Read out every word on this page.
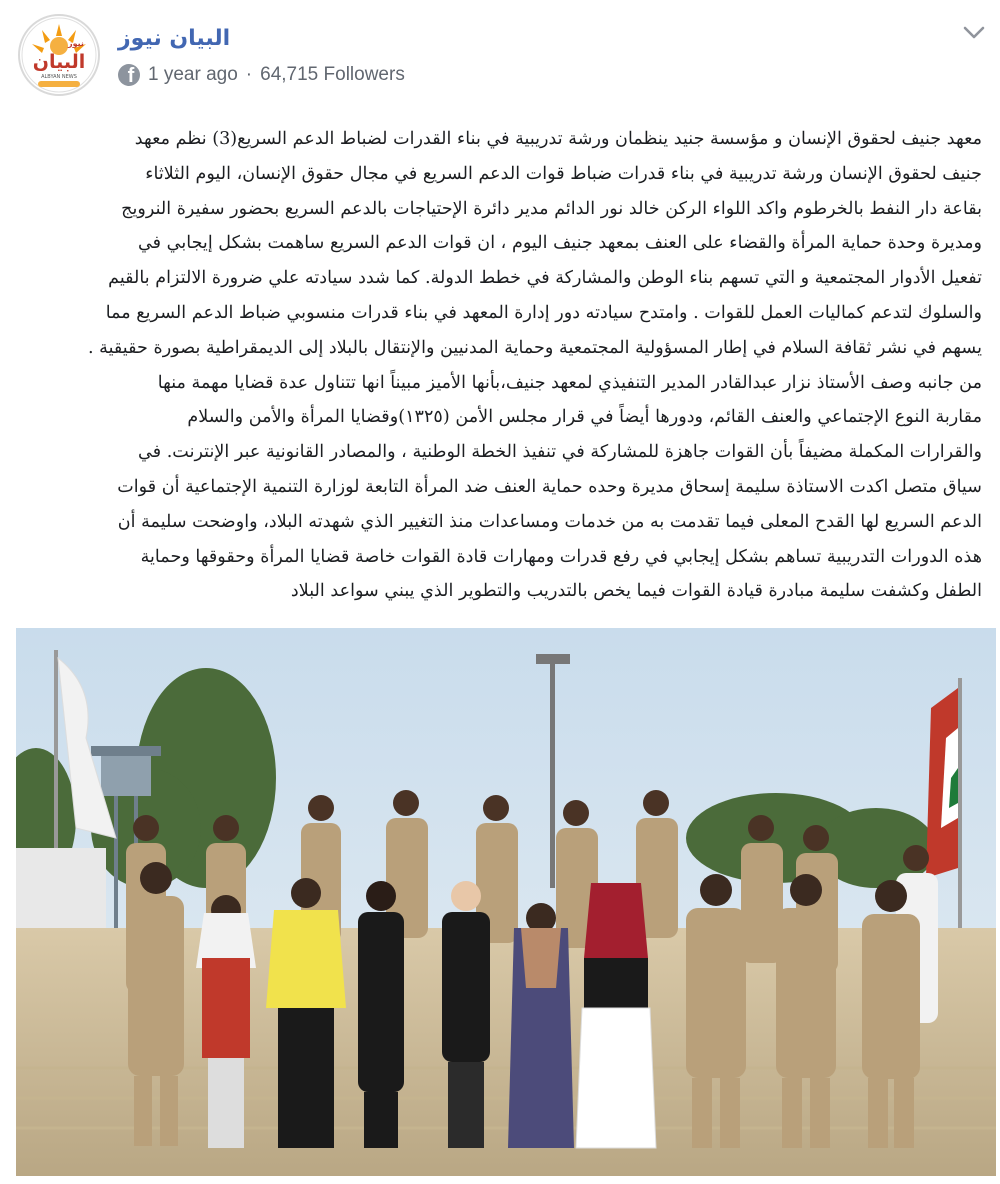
البيان
ALBYAN NEWS
نيوز البيان نيوز
f 1 year ago · 64,715 Followers
معهد جنيف لحقوق الإنسان و مؤسسة جنيد ينظمان ورشة تدريبية في بناء القدرات لضباط الدعم السريع(3) نظم معهد
جنيف لحقوق الإنسان ورشة تدريبية في بناء قدرات ضباط قوات الدعم السريع في مجال حقوق الإنسان، اليوم الثلاثاء
بقاعة دار النفط بالخرطوم واكد اللواء الركن خالد نور الدائم مدير دائرة الإحتياجات بالدعم السريع بحضور سفيرة النرويج
ومديرة وحدة حماية المرأة والقضاء على العنف بمعهد جنيف اليوم ، ان قوات الدعم السريع ساهمت بشكل إيجابي في
تفعيل الأدوار المجتمعية و التي تسهم بناء الوطن والمشاركة في خطط الدولة. كما شدد سيادته علي ضرورة الالتزام بالقيم
والسلوك لتدعم كماليات العمل للقوات . وامتدح سيادته دور إدارة المعهد في بناء قدرات منسوبي ضباط الدعم السريع مما
يسهم في نشر ثقافة السلام في إطار المسؤولية المجتمعية وحماية المدنيين والإنتقال بالبلاد إلى الديمقراطية بصورة حقيقية .
من جانبه وصف الأستاذ نزار عبدالقادر المدير التنفيذي لمعهد جنيف،بأنها الأميز مبيناً انها تتناول عدة قضايا مهمة منها
مقاربة النوع الإجتماعي والعنف القائم، ودورها أيضاً في قرار مجلس الأمن (١٣٢٥)وقضايا المرأة والأمن والسلام
والقرارات المكملة مضيفاً بأن القوات جاهزة للمشاركة في تنفيذ الخطة الوطنية ، والمصادر القانونية عبر الإنترنت. في
سياق متصل اكدت الاستاذة سليمة إسحاق مديرة وحده حماية العنف ضد المرأة التابعة لوزارة التنمية الإجتماعية أن قوات
الدعم السريع لها القدح المعلى فيما تقدمت به من خدمات ومساعدات منذ التغيير الذي شهدته البلاد، واوضحت سليمة أن
هذه الدورات التدريبية تساهم بشكل إيجابي في رفع قدرات ومهارات قادة القوات خاصة قضايا المرأة وحقوقها وحماية
الطفل وكشفت سليمة مبادرة قيادة القوات فيما يخص بالتدريب والتطوير الذي يبني سواعد البلاد
